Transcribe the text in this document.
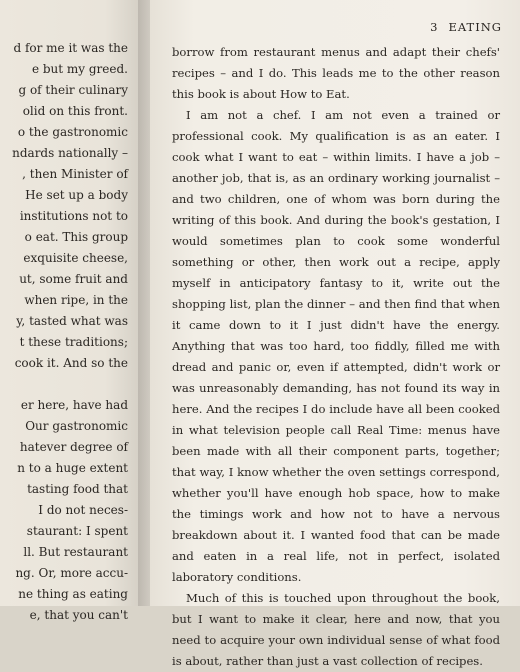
d for me it was the
e but my greed.
g of their culinary
olid on this front.
o the gastronomic
ndards nationally –
, then Minister of
He set up a body
institutions not to
o eat. This group
exquisite cheese,
ut, some fruit and
when ripe, in the
y, tasted what was
t these traditions;
cook it. And so the
er here, have had
Our gastronomic
hatever degree of
n to a huge extent
tasting food that
I do not neces-
staurant: I spent
ll. But restaurant
ng. Or, more accu-
ne thing as eating
e, that you can't
3 EATING

borrow from restaurant menus and adapt their chefs' recipes – and I do. This leads me to the other reason this book is about How to Eat.

I am not a chef. I am not even a trained or professional cook. My qualification is as an eater. I cook what I want to eat – within limits. I have a job – another job, that is, as an ordinary working journalist – and two children, one of whom was born during the writing of this book. And during the book's gestation, I would sometimes plan to cook some wonderful something or other, then work out a recipe, apply myself in anticipatory fantasy to it, write out the shopping list, plan the dinner – and then find that when it came down to it I just didn't have the energy. Anything that was too hard, too fiddly, filled me with dread and panic or, even if attempted, didn't work or was unreasonably demanding, has not found its way in here. And the recipes I do include have all been cooked in what television people call Real Time: menus have been made with all their component parts, together; that way, I know whether the oven settings correspond, whether you'll have enough hob space, how to make the timings work and how not to have a nervous breakdown about it. I wanted food that can be made and eaten in a real life, not in perfect, isolated laboratory conditions.

Much of this is touched upon throughout the book, but I want to make it clear, here and now, that you need to acquire your own individual sense of what food is about, rather than just a vast collection of recipes.
